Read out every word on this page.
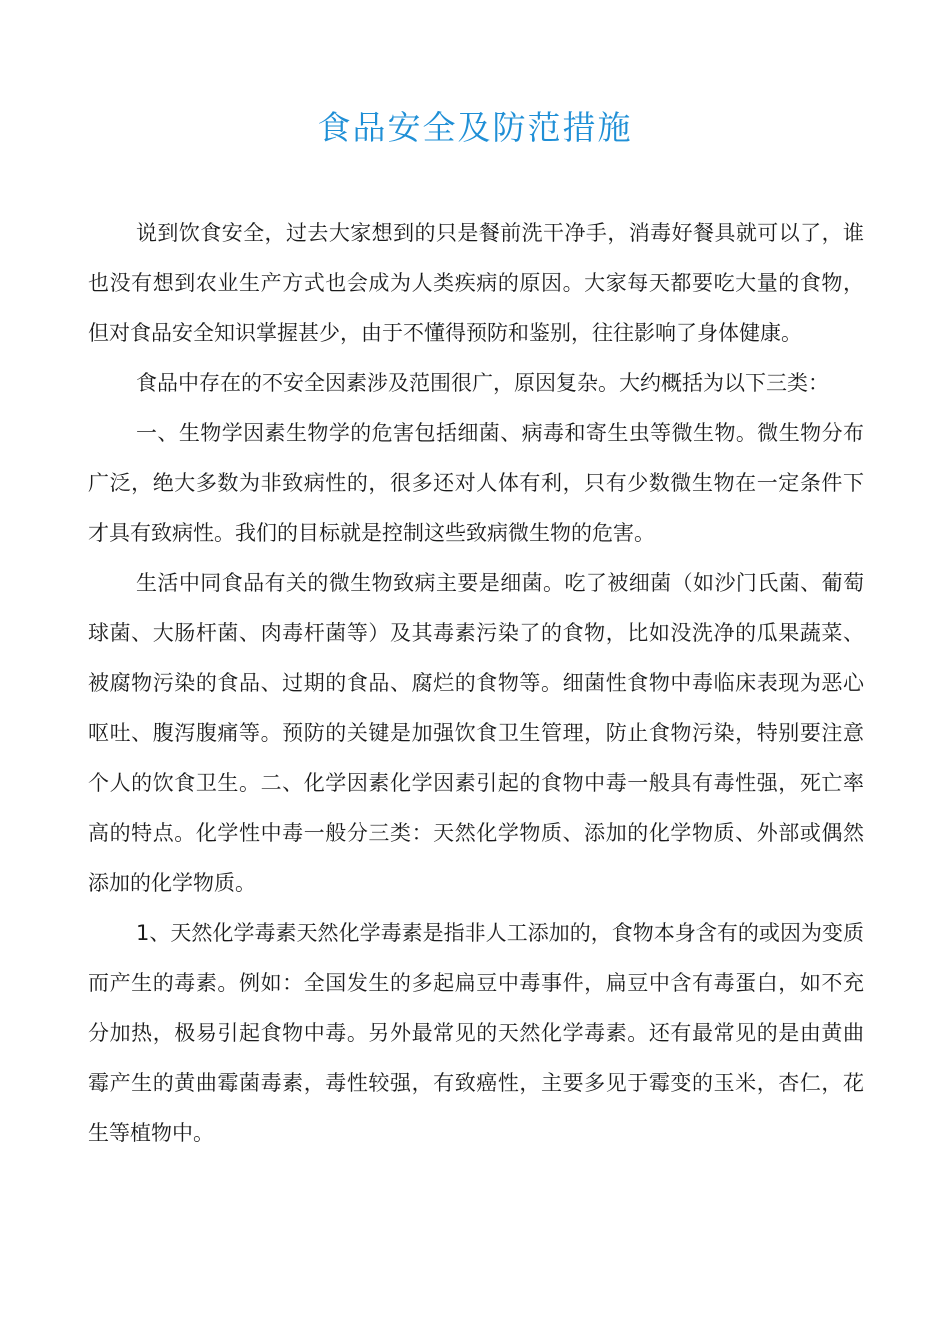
食品安全及防范措施

说到饮食安全，过去大家想到的只是餐前洗干净手，消毒好餐具就可以了，谁也没有想到农业生产方式也会成为人类疾病的原因。大家每天都要吃大量的食物，但对食品安全知识掌握甚少，由于不懂得预防和鉴别，往往影响了身体健康。

食品中存在的不安全因素涉及范围很广，原因复杂。大约概括为以下三类：

一、生物学因素生物学的危害包括细菌、病毒和寄生虫等微生物。微生物分布广泛，绝大多数为非致病性的，很多还对人体有利，只有少数微生物在一定条件下才具有致病性。我们的目标就是控制这些致病微生物的危害。

生活中同食品有关的微生物致病主要是细菌。吃了被细菌（如沙门氏菌、葡萄球菌、大肠杆菌、肉毒杆菌等）及其毒素污染了的食物，比如没洗净的瓜果蔬菜、被腐物污染的食品、过期的食品、腐烂的食物等。细菌性食物中毒临床表现为恶心呕吐、腹泻腹痛等。预防的关键是加强饮食卫生管理，防止食物污染，特别要注意个人的饮食卫生。二、化学因素化学因素引起的食物中毒一般具有毒性强，死亡率高的特点。化学性中毒一般分三类：天然化学物质、添加的化学物质、外部或偶然添加的化学物质。

1、天然化学毒素天然化学毒素是指非人工添加的，食物本身含有的或因为变质而产生的毒素。例如：全国发生的多起扁豆中毒事件，扁豆中含有毒蛋白，如不充分加热，极易引起食物中毒。另外最常见的天然化学毒素。还有最常见的是由黄曲霉产生的黄曲霉菌毒素，毒性较强，有致癌性，主要多见于霉变的玉米，杏仁，花生等植物中。
